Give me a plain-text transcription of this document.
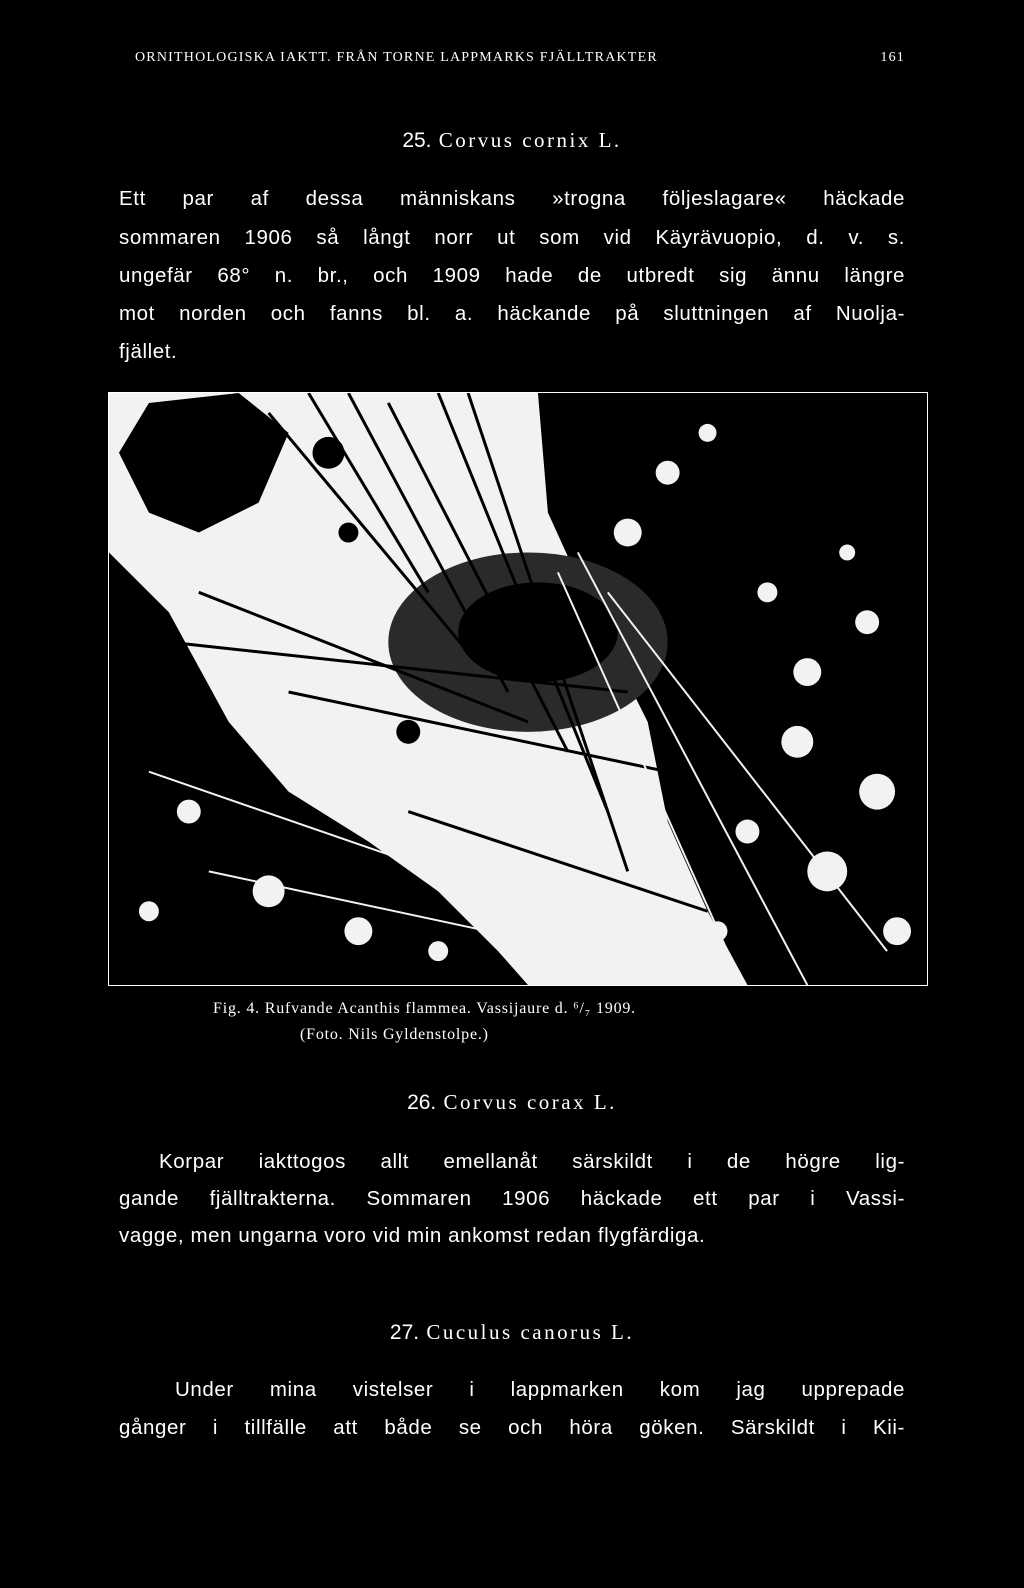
ORNITHOLOGISKA IAKTT. FRÅN TORNE LAPPMARKS FJÄLLTRAKTER	161
25. Corvus cornix L.
Ett par af dessa människans »trogna följeslagare« häckade
sommaren 1906 så långt norr ut som vid Käyrävuopio, d. v. s.
ungefär 68° n. br., och 1909 hade de utbredt sig ännu längre
mot norden och fanns bl. a. häckande på sluttningen af Nuolja-
fjället.
Fig. 4. Rufvande Acanthis flammea. Vassijaure d. ⁶/₇ 1909.
(Foto. Nils Gyldenstolpe.)
26. Corvus corax L.
Korpar iakttogos allt emellanåt särskildt i de högre lig-
gande fjälltrakterna. Sommaren 1906 häckade ett par i Vassi-
vagge, men ungarna voro vid min ankomst redan flygfärdiga.
27. Cuculus canorus L.
Under mina vistelser i lappmarken kom jag upprepade
gånger i tillfälle att både se och höra göken. Särskildt i Kii-
